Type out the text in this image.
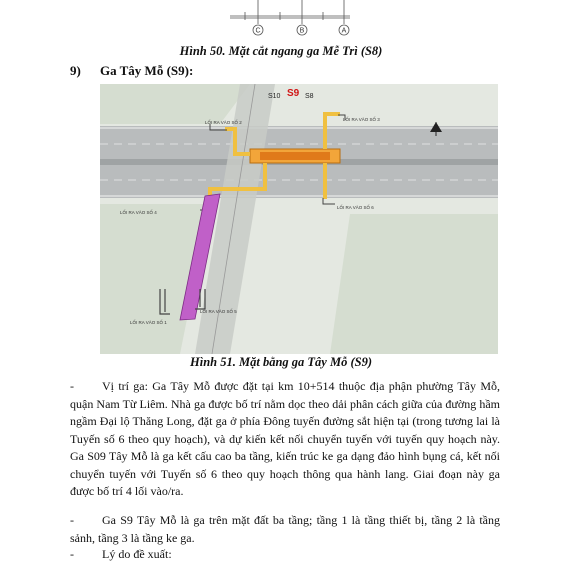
C	B	A
Hình 50. Mặt cắt ngang ga Mễ Trì (S8)
9) Ga Tây Mỗ (S9):
S10 S9 S8
LỐI RA VÀO SỐ 2
LỐI RA VÀO SỐ 3
LỐI RA VÀO SỐ 6
LỐI RA VÀO SỐ 4
LỐI RA VÀO SỐ 5
LỐI RA VÀO SỐ 1
Hình 51. Mặt bằng ga Tây Mỗ (S9)
- Vị trí ga: Ga Tây Mỗ được đặt tại km 10+514 thuộc địa phận phường Tây Mỗ, quận Nam Từ Liêm. Nhà ga được bố trí nằm dọc theo dải phân cách giữa của đường hầm ngầm Đại lộ Thăng Long, đặt ga ở phía Đông tuyến đường sắt hiện tại (trong tương lai là Tuyến số 6 theo quy hoạch), và dự kiến kết nối chuyển tuyến với tuyến quy hoạch này. Ga S09 Tây Mỗ là ga kết cấu cao ba tầng, kiến trúc ke ga dạng đảo hình bụng cá, kết nối chuyển tuyến với Tuyến số 6 theo quy hoạch thông qua hành lang. Giai đoạn này ga được bố trí 4 lối vào/ra.
- Ga S9 Tây Mỗ là ga trên mặt đất ba tầng; tầng 1 là tầng thiết bị, tầng 2 là tầng sảnh, tầng 3 là tầng ke ga.
- Lý do đề xuất:
